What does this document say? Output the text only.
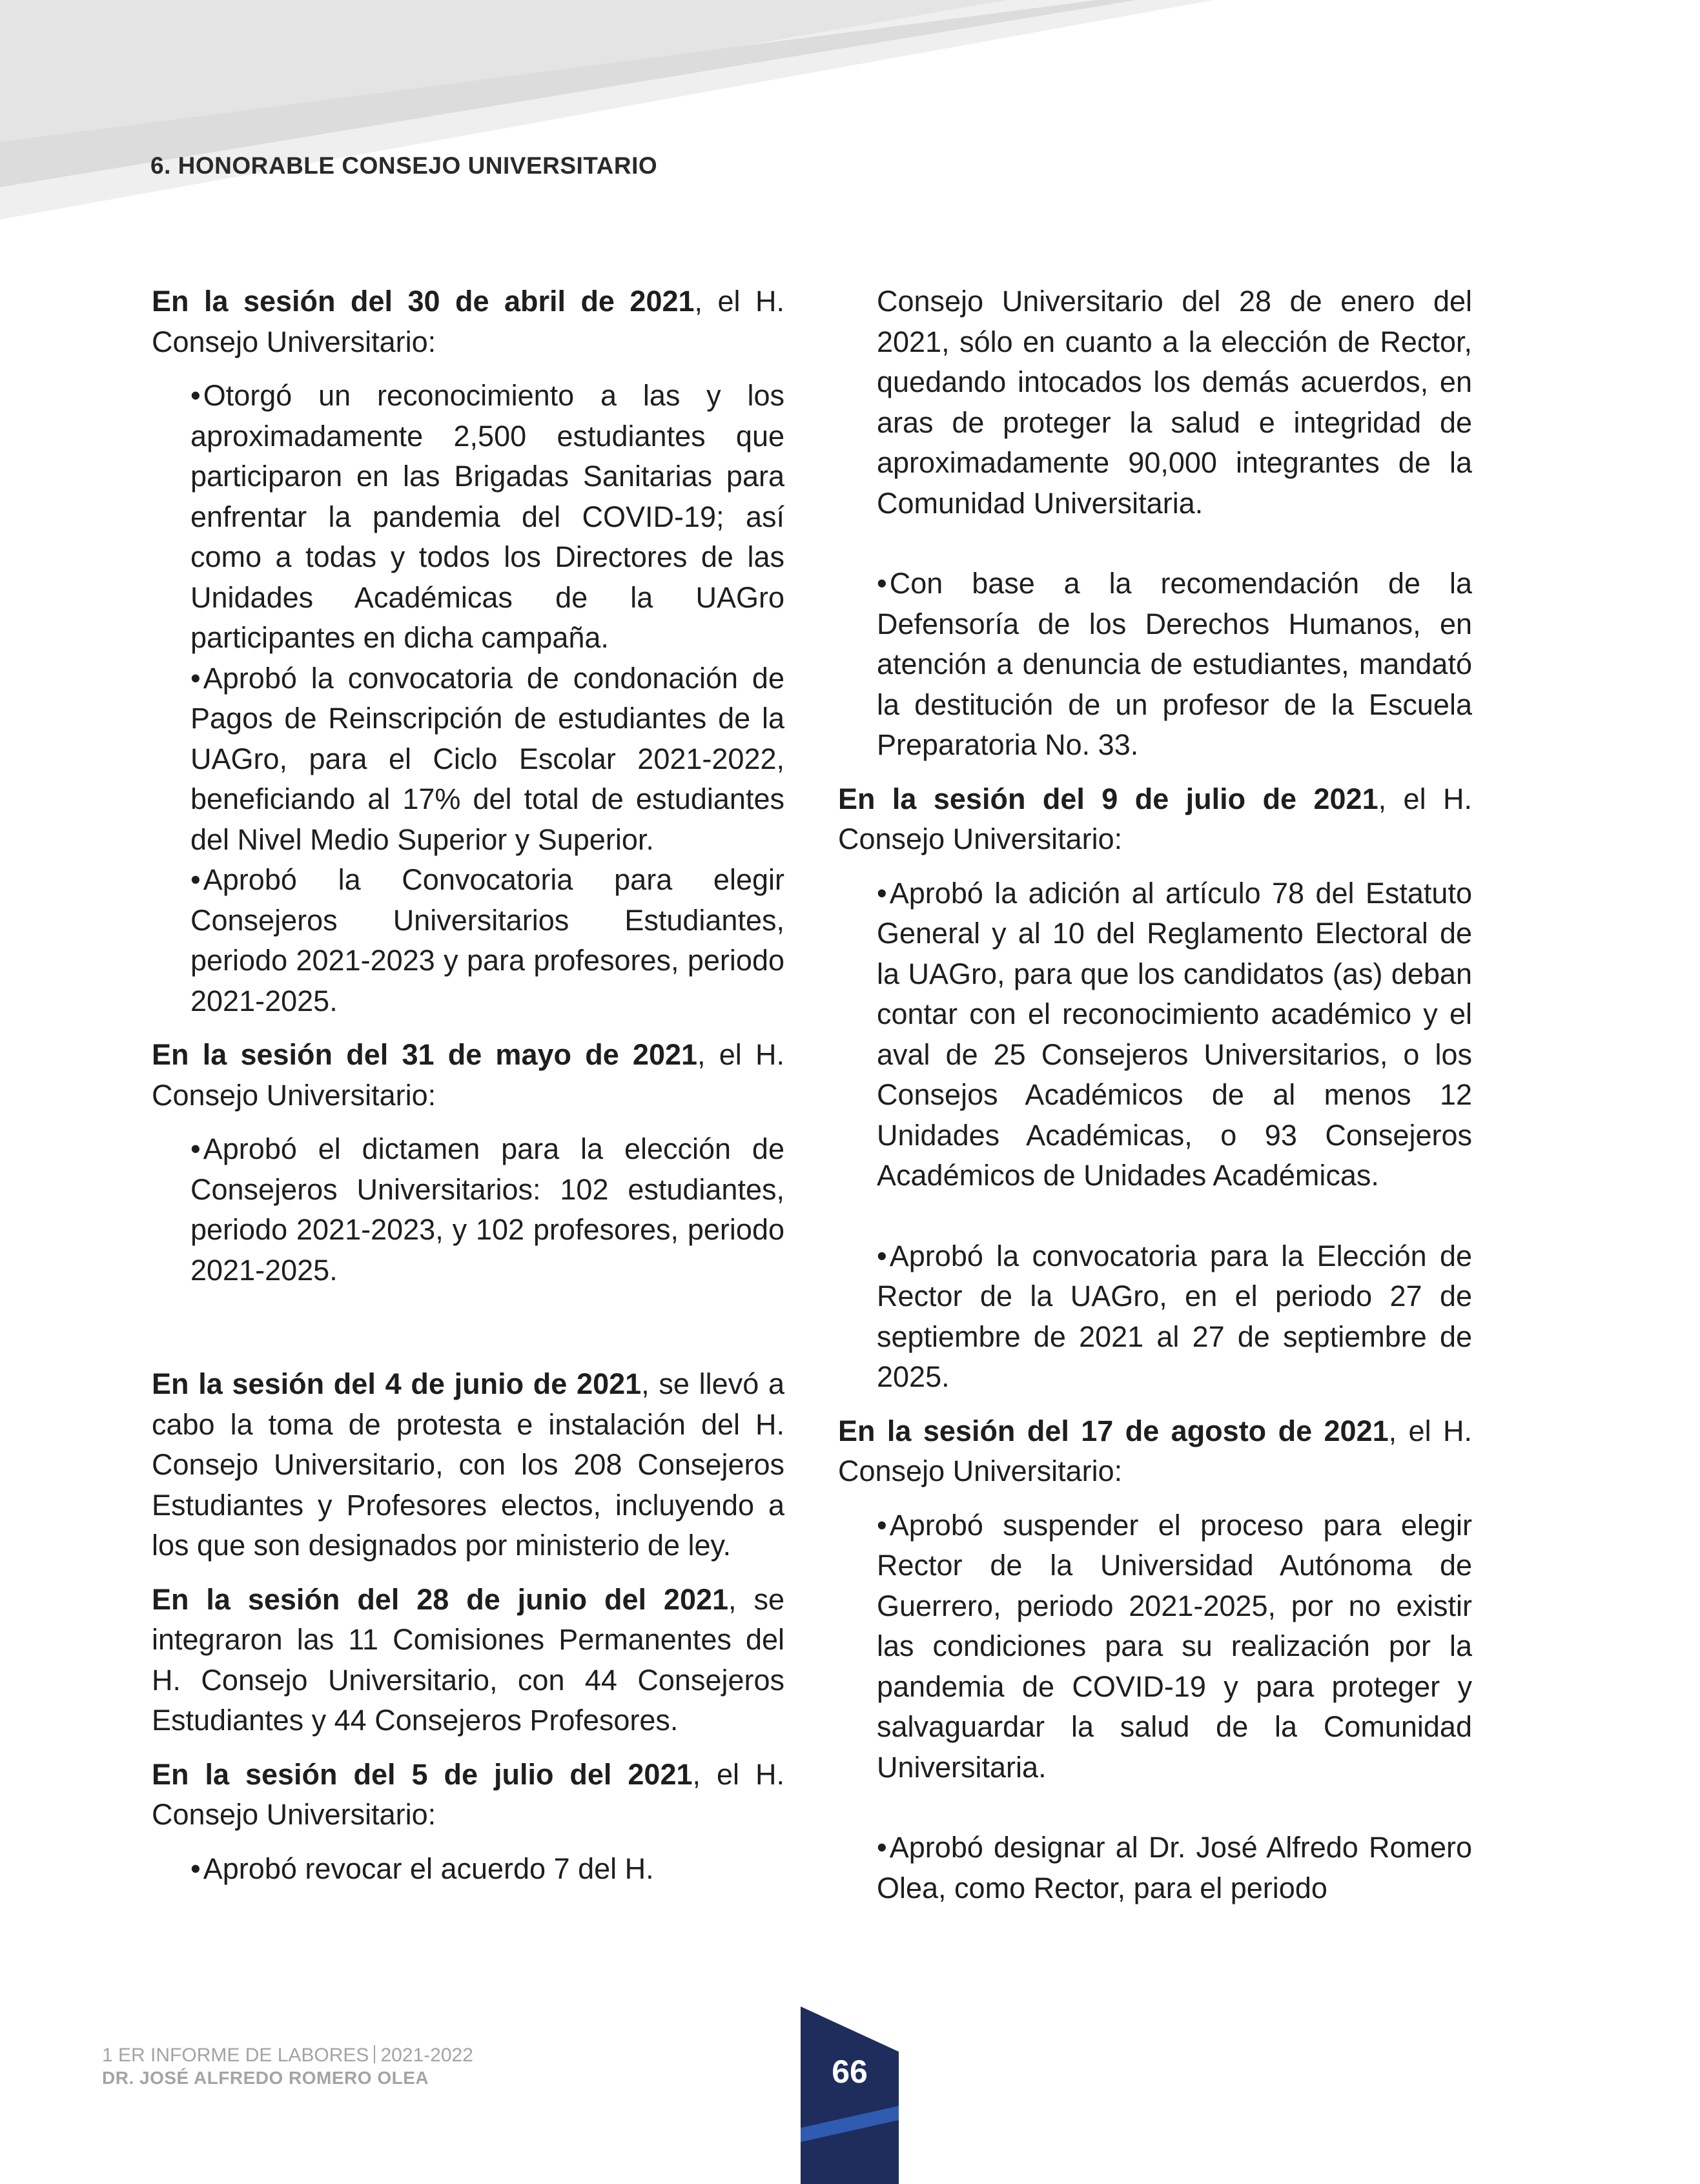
6. HONORABLE CONSEJO UNIVERSITARIO

En la sesión del 30 de abril de 2021, el H. Consejo Universitario:

• Otorgó un reconocimiento a las y los aproximadamente 2,500 estudiantes que participaron en las Brigadas Sanitarias para enfrentar la pandemia del COVID-19; así como a todas y todos los Directores de las Unidades Académicas de la UAGro participantes en dicha campaña.
• Aprobó la convocatoria de condonación de Pagos de Reinscripción de estudiantes de la UAGro, para el Ciclo Escolar 2021-2022, beneficiando al 17% del total de estudiantes del Nivel Medio Superior y Superior.
• Aprobó la Convocatoria para elegir Consejeros Universitarios Estudiantes, periodo 2021-2023 y para profesores, periodo 2021-2025.

En la sesión del 31 de mayo de 2021, el H. Consejo Universitario:

• Aprobó el dictamen para la elección de Consejeros Universitarios: 102 estudiantes, periodo 2021-2023, y 102 profesores, periodo 2021-2025.

En la sesión del 4 de junio de 2021, se llevó a cabo la toma de protesta e instalación del H. Consejo Universitario, con los 208 Consejeros Estudiantes y Profesores electos, incluyendo a los que son designados por ministerio de ley.

En la sesión del 28 de junio del 2021, se integraron las 11 Comisiones Permanentes del H. Consejo Universitario, con 44 Consejeros Estudiantes y 44 Consejeros Profesores.

En la sesión del 5 de julio del 2021, el H. Consejo Universitario:

• Aprobó revocar el acuerdo 7 del H.

Consejo Universitario del 28 de enero del 2021, sólo en cuanto a la elección de Rector, quedando intocados los demás acuerdos, en aras de proteger la salud e integridad de aproximadamente 90,000 integrantes de la Comunidad Universitaria.

• Con base a la recomendación de la Defensoría de los Derechos Humanos, en atención a denuncia de estudiantes, mandató la destitución de un profesor de la Escuela Preparatoria No. 33.

En la sesión del 9 de julio de 2021, el H. Consejo Universitario:

• Aprobó la adición al artículo 78 del Estatuto General y al 10 del Reglamento Electoral de la UAGro, para que los candidatos (as) deban contar con el reconocimiento académico y el aval de 25 Consejeros Universitarios, o los Consejos Académicos de al menos 12 Unidades Académicas, o 93 Consejeros Académicos de Unidades Académicas.
• Aprobó la convocatoria para la Elección de Rector de la UAGro, en el periodo 27 de septiembre de 2021 al 27 de septiembre de 2025.

En la sesión del 17 de agosto de 2021, el H. Consejo Universitario:

• Aprobó suspender el proceso para elegir Rector de la Universidad Autónoma de Guerrero, periodo 2021-2025, por no existir las condiciones para su realización por la pandemia de COVID-19 y para proteger y salvaguardar la salud de la Comunidad Universitaria.
• Aprobó designar al Dr. José Alfredo Romero Olea, como Rector, para el periodo
1 ER INFORME DE LABORES 2021-2022
DR. JOSÉ ALFREDO ROMERO OLEA	66
